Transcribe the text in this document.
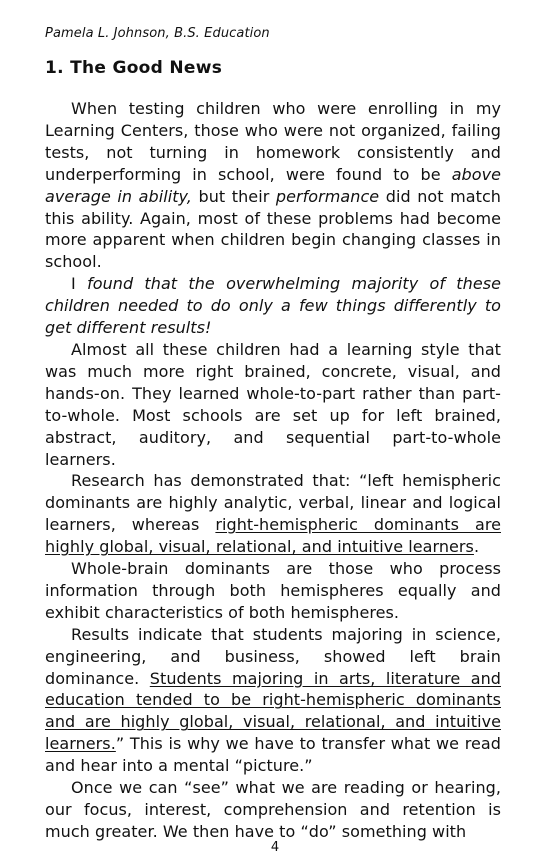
Pamela L. Johnson, B.S. Education
1. The Good News

When testing children who were enrolling in my Learning Centers, those who were not organized, failing tests, not turning in homework consistently and underperforming in school, were found to be above average in ability, but their performance did not match this ability. Again, most of these problems had become more apparent when children begin changing classes in school.

I found that the overwhelming majority of these children needed to do only a few things differently to get different results!

Almost all these children had a learning style that was much more right brained, concrete, visual, and hands-on. They learned whole-to-part rather than part-to-whole. Most schools are set up for left brained, abstract, auditory, and sequential part-to-whole learners.

Research has demonstrated that: “left hemispheric dominants are highly analytic, verbal, linear and logical learners, whereas right-hemispheric dominants are highly global, visual, relational, and intuitive learners.

Whole-brain dominants are those who process information through both hemispheres equally and exhibit characteristics of both hemispheres.

Results indicate that students majoring in science, engineering, and business, showed left brain dominance. Students majoring in arts, literature and education tended to be right-hemispheric dominants and are highly global, visual, relational, and intuitive learners.” This is why we have to transfer what we read and hear into a mental “picture.”

Once we can “see” what we are reading or hearing, our focus, interest, comprehension and retention is much greater. We then have to “do” something with

4
